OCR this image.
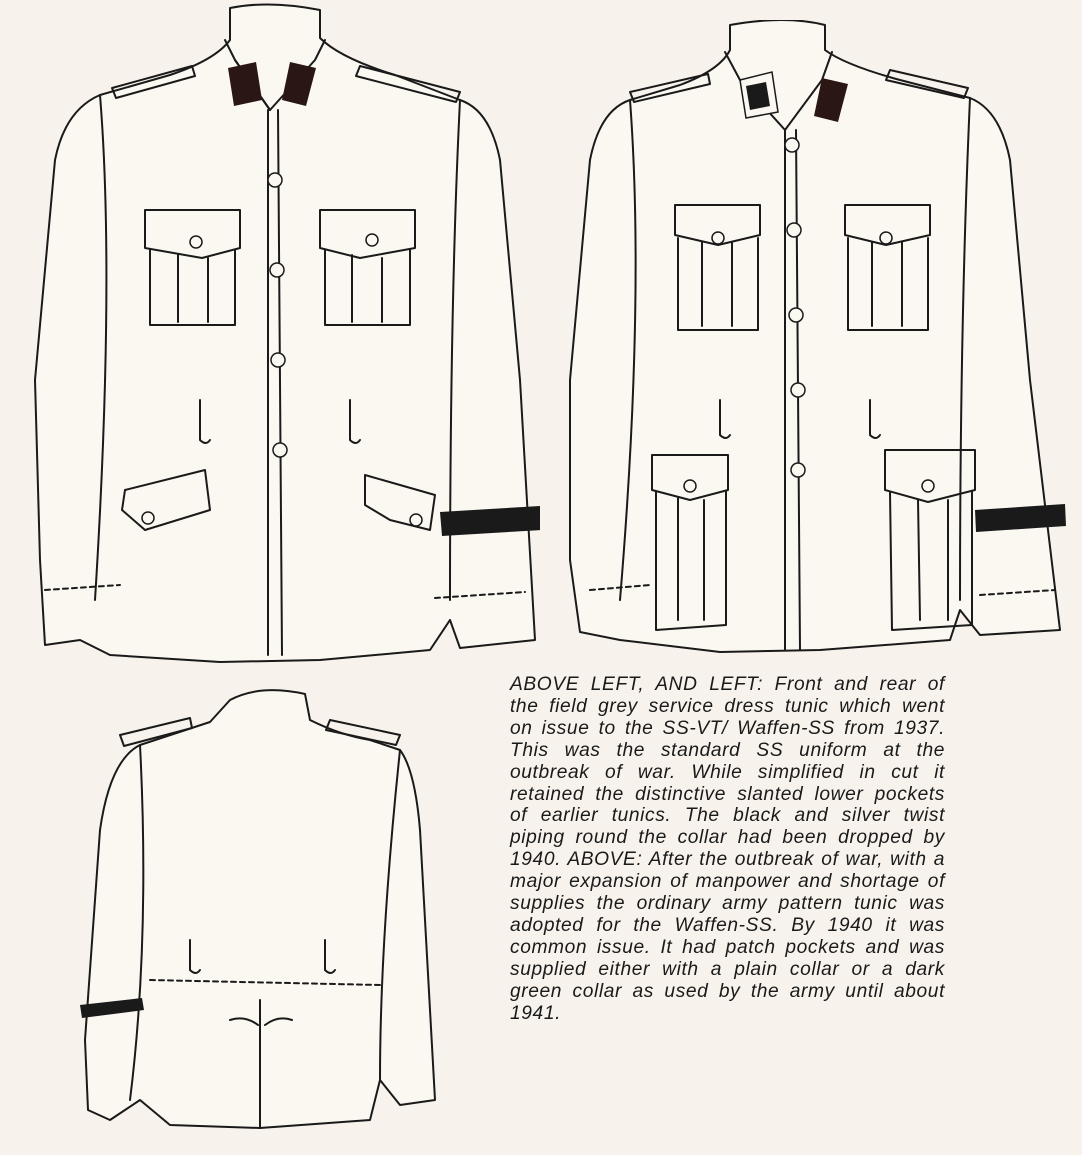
ABOVE LEFT, AND LEFT: Front and rear of the field grey service dress tunic which went on issue to the SS-VT/ Waffen-SS from 1937. This was the standard SS uniform at the outbreak of war. While simplified in cut it retained the distinctive slanted lower pockets of earlier tunics. The black and silver twist piping round the collar had been dropped by 1940. ABOVE: After the outbreak of war, with a major expansion of manpower and shortage of supplies the ordinary army pattern tunic was adopted for the Waffen-SS. By 1940 it was common issue. It had patch pockets and was supplied either with a plain collar or a dark green collar as used by the army until about 1941.
